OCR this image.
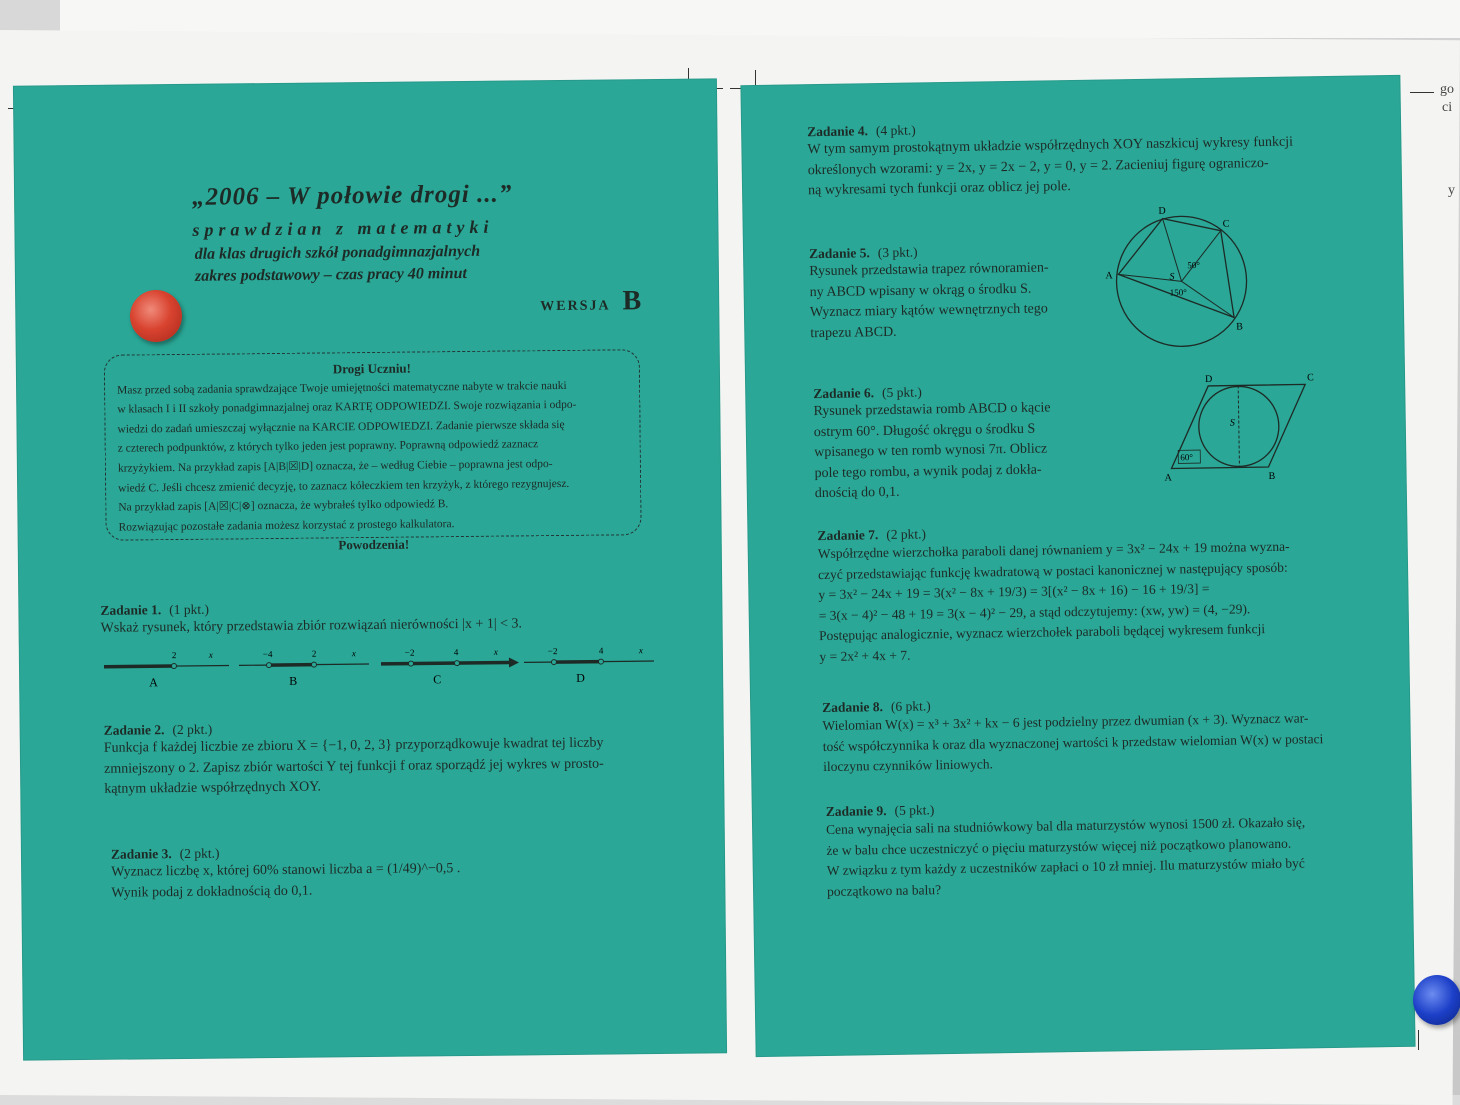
go
ci
y
„2006 – W połowie drogi ...”
sprawdzian z matematyki
dla klas drugich szkół ponadgimnazjalnych
zakres podstawowy – czas pracy 40 minut
WERSJA B
Drogi Uczniu!
Masz przed sobą zadania sprawdzające Twoje umiejętności matematyczne nabyte w trakcie nauki
w klasach I i II szkoły ponadgimnazjalnej oraz KARTĘ ODPOWIEDZI. Swoje rozwiązania i odpo-
wiedzi do zadań umieszczaj wyłącznie na KARCIE ODPOWIEDZI. Zadanie pierwsze składa się
z czterech podpunktów, z których tylko jeden jest poprawny. Poprawną odpowiedź zaznacz
krzyżykiem. Na przykład zapis [A|B|☒|D] oznacza, że – według Ciebie – poprawna jest odpo-
wiedź C. Jeśli chcesz zmienić decyzję, to zaznacz kółeczkiem ten krzyżyk, z którego rezygnujesz.
Na przykład zapis [A|☒|C|⊗] oznacza, że wybrałeś tylko odpowiedź B.
Rozwiązując pozostałe zadania możesz korzystać z prostego kalkulatora.
Powodzenia!
Zadanie 1. (1 pkt.)
Wskaż rysunek, który przedstawia zbiór rozwiązań nierówności |x + 1| < 3.
2	x
A
−4	2	x
B
−2	4	x
C
−2	4	x
D
Zadanie 2. (2 pkt.)
Funkcja f każdej liczbie ze zbioru X = {−1, 0, 2, 3} przyporządkowuje kwadrat tej liczby
zmniejszony o 2. Zapisz zbiór wartości Y tej funkcji f oraz sporządź jej wykres w prosto-
kątnym układzie współrzędnych XOY.
Zadanie 3. (2 pkt.)
Wyznacz liczbę x, której 60% stanowi liczba a = (1/49)^−0,5 .
Wynik podaj z dokładnością do 0,1.
Zadanie 4. (4 pkt.)
W tym samym prostokątnym układzie współrzędnych XOY naszkicuj wykresy funkcji
określonych wzorami: y = 2x, y = 2x − 2, y = 0, y = 2. Zacieniuj figurę ograniczo-
ną wykresami tych funkcji oraz oblicz jej pole.
Zadanie 5. (3 pkt.)
Rysunek przedstawia trapez równoramien-
ny ABCD wpisany w okrąg o środku S.
Wyznacz miary kątów wewnętrznych tego
trapezu ABCD.
A
B
C
D
S
50°
150°
Zadanie 6. (5 pkt.)
Rysunek przedstawia romb ABCD o kącie
ostrym 60°. Długość okręgu o środku S
wpisanego w ten romb wynosi 7π. Oblicz
pole tego rombu, a wynik podaj z dokła-
dnością do 0,1.
A	B
C
D
S
60°
Zadanie 7. (2 pkt.)
Współrzędne wierzchołka paraboli danej równaniem y = 3x² − 24x + 19 można wyzna-
czyć przedstawiając funkcję kwadratową w postaci kanonicznej w następujący sposób:
y = 3x² − 24x + 19 = 3(x² − 8x + 19/3) = 3[(x² − 8x + 16) − 16 + 19/3] =
= 3(x − 4)² − 48 + 19 = 3(x − 4)² − 29, a stąd odczytujemy: (xw, yw) = (4, −29).
Postępując analogicznie, wyznacz wierzchołek paraboli będącej wykresem funkcji
y = 2x² + 4x + 7.
Zadanie 8. (6 pkt.)
Wielomian W(x) = x³ + 3x² + kx − 6 jest podzielny przez dwumian (x + 3). Wyznacz war-
tość współczynnika k oraz dla wyznaczonej wartości k przedstaw wielomian W(x) w postaci
iloczynu czynników liniowych.
Zadanie 9. (5 pkt.)
Cena wynajęcia sali na studniówkowy bal dla maturzystów wynosi 1500 zł. Okazało się,
że w balu chce uczestniczyć o pięciu maturzystów więcej niż początkowo planowano.
W związku z tym każdy z uczestników zapłaci o 10 zł mniej. Ilu maturzystów miało być
początkowo na balu?
